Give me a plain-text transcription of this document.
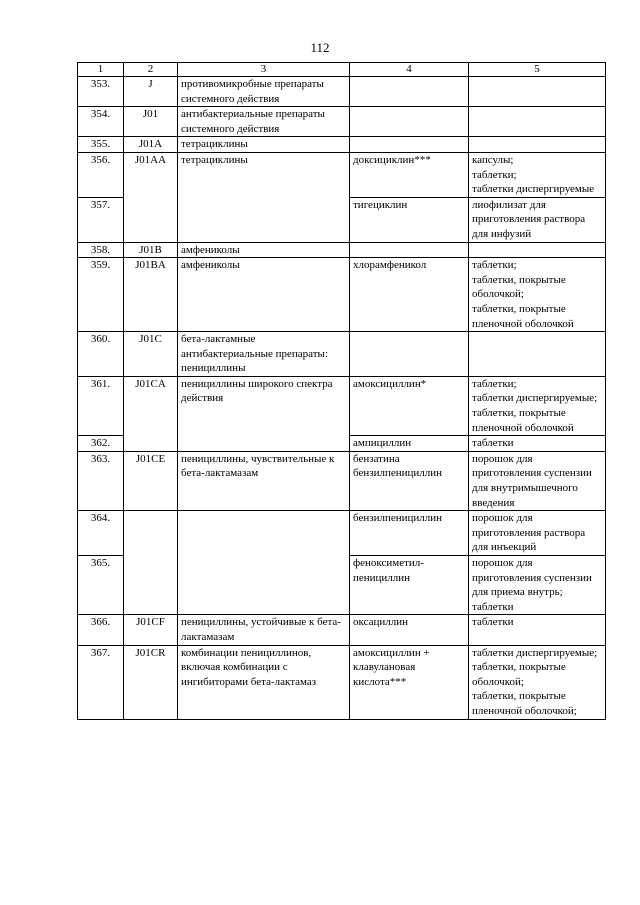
112
1	2	3	4	5
353.	J	противомикробные препараты системного действия		
354.	J01	антибактериальные препараты системного действия		
355.	J01A	тетрациклины		
356.	J01AA	тетрациклины	доксициклин***	капсулы;
таблетки;
таблетки диспергируемые
357.			тигециклин	лиофилизат для приготовления раствора для инфузий
358.	J01B	амфениколы		
359.	J01BA	амфениколы	хлорамфеникол	таблетки;
таблетки, покрытые оболочкой;
таблетки, покрытые пленочной оболочкой
360.	J01C	бета-лактамные антибактериальные препараты: пенициллины		
361.	J01CA	пенициллины широкого спектра действия	амоксициллин*	таблетки;
таблетки диспергируемые;
таблетки, покрытые пленочной оболочкой
362.			ампициллин	таблетки
363.	J01CE	пенициллины, чувствительные к бета-лактамазам	бензатина бензилпенициллин	порошок для приготовления суспензии для внутримышечного введения
364.			бензилпенициллин	порошок для приготовления раствора для инъекций
365.			феноксиметил-пенициллин	порошок для приготовления суспензии для приема внутрь;
таблетки
366.	J01CF	пенициллины, устойчивые к бета-лактамазам	оксациллин	таблетки
367.	J01CR	комбинации пенициллинов, включая комбинации с ингибиторами бета-лактамаз	амоксициллин + клавулановая кислота***	таблетки диспергируемые;
таблетки, покрытые оболочкой;
таблетки, покрытые пленочной оболочкой;
